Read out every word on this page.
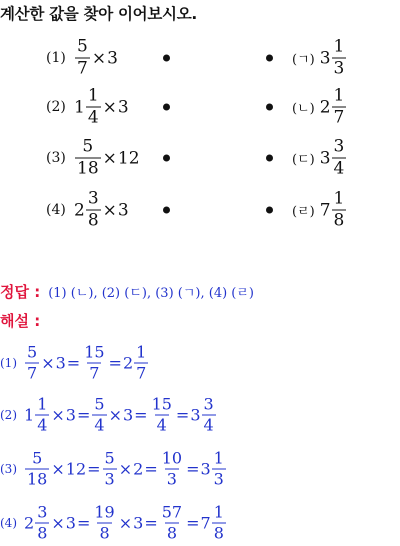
계산한 값을 찾아 이어보시오.
$(1) \frac{5}{7} \times 3$	(ㄱ) $3 \frac{1}{3}$
(2) $1 \frac{1}{4} \times 3$	(ㄴ) $2 \frac{1}{7}$
$(3) \frac{5}{18} \times 12$	(ㄷ) $3 \frac{3}{4}$
(4) $2 \frac{3}{8} \times 3$	(ㄹ) $7 \frac{1}{8}$
정답 : (1) (ㄴ), (2) (ㄷ), (3) (ㄱ), (4) (ㄹ)
해설 :
$(1) \frac{5}{7} \times 3 = \frac{15}{7} = 2 \frac{1}{7}$
(2) $1 \frac{1}{4} \times 3 = \frac{5}{4} \times 3 = \frac{15}{4} = 3 \frac{3}{4}$
$(3) \frac{5}{18} \times 12 = \frac{5}{3} \times 2 = \frac{10}{3} = 3 \frac{1}{3}$
(4) $2 \frac{3}{8} \times 3 = \frac{19}{8} \times 3 = \frac{57}{8} = 7 \frac{1}{8}$
